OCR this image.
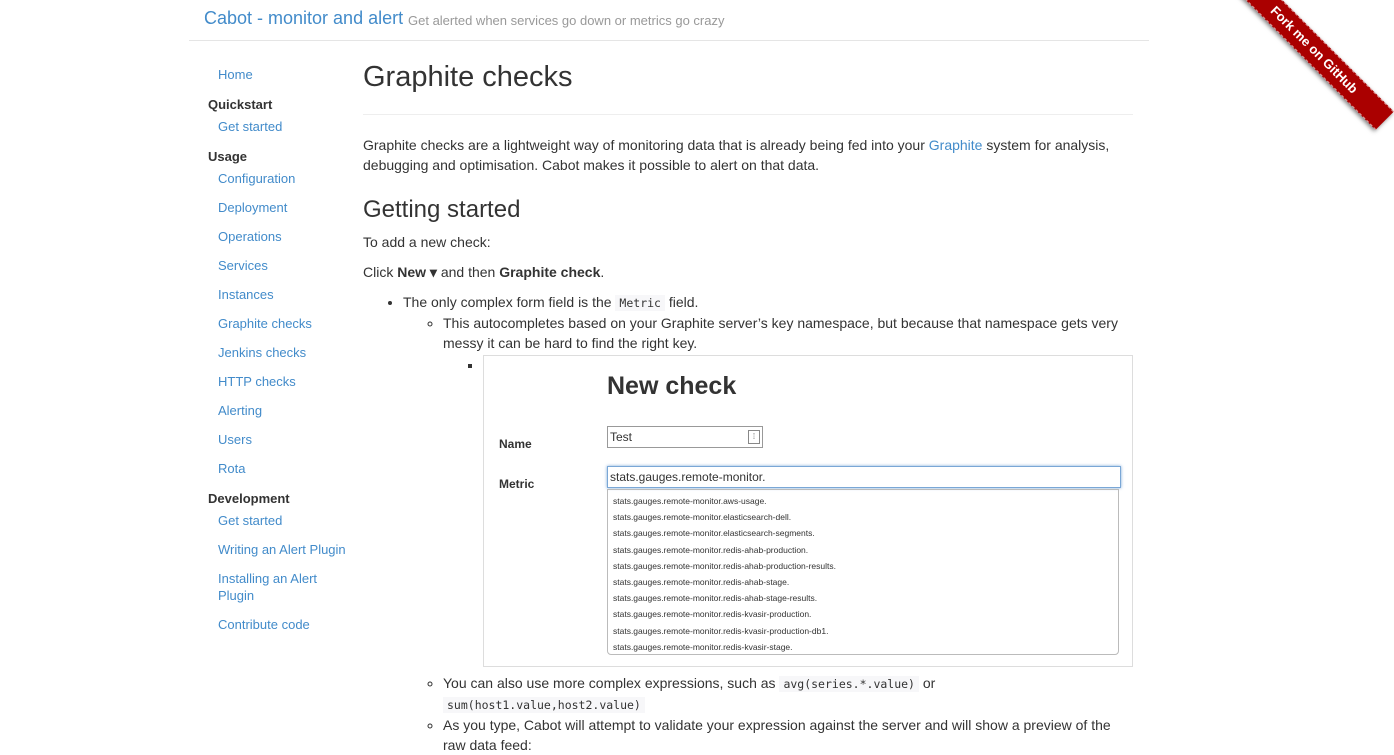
Cabot - monitor and alert Get alerted when services go down or metrics go crazy	Fork me on GitHub
Home
Quickstart
Get started
Usage
Configuration
Deployment
Operations
Services
Instances
Graphite checks
Jenkins checks
HTTP checks
Alerting
Users
Rota
Development
Get started
Writing an Alert Plugin
Installing an Alert Plugin
Contribute code
Graphite checks

Graphite checks are a lightweight way of monitoring data that is already being fed into your Graphite system for analysis, debugging and optimisation. Cabot makes it possible to alert on that data.

Getting started

To add a new check:

Click New ▾ and then Graphite check.

• The only complex form field is the Metric field.
◦ This autocompletes based on your Graphite server’s key namespace, but because that namespace gets very messy it can be hard to find the right key.
▪ New check
Name	Test	⁞
Metric	stats.gauges.remote-monitor.
stats.gauges.remote-monitor.aws-usage.
stats.gauges.remote-monitor.elasticsearch-dell.
stats.gauges.remote-monitor.elasticsearch-segments.
stats.gauges.remote-monitor.redis-ahab-production.
stats.gauges.remote-monitor.redis-ahab-production-results.
stats.gauges.remote-monitor.redis-ahab-stage.
stats.gauges.remote-monitor.redis-ahab-stage-results.
stats.gauges.remote-monitor.redis-kvasir-production.
stats.gauges.remote-monitor.redis-kvasir-production-db1.
stats.gauges.remote-monitor.redis-kvasir-stage.
◦ You can also use more complex expressions, such as avg(series.*.value) or
sum(host1.value,host2.value)
◦ As you type, Cabot will attempt to validate your expression against the server and will show a preview of the raw data feed:
